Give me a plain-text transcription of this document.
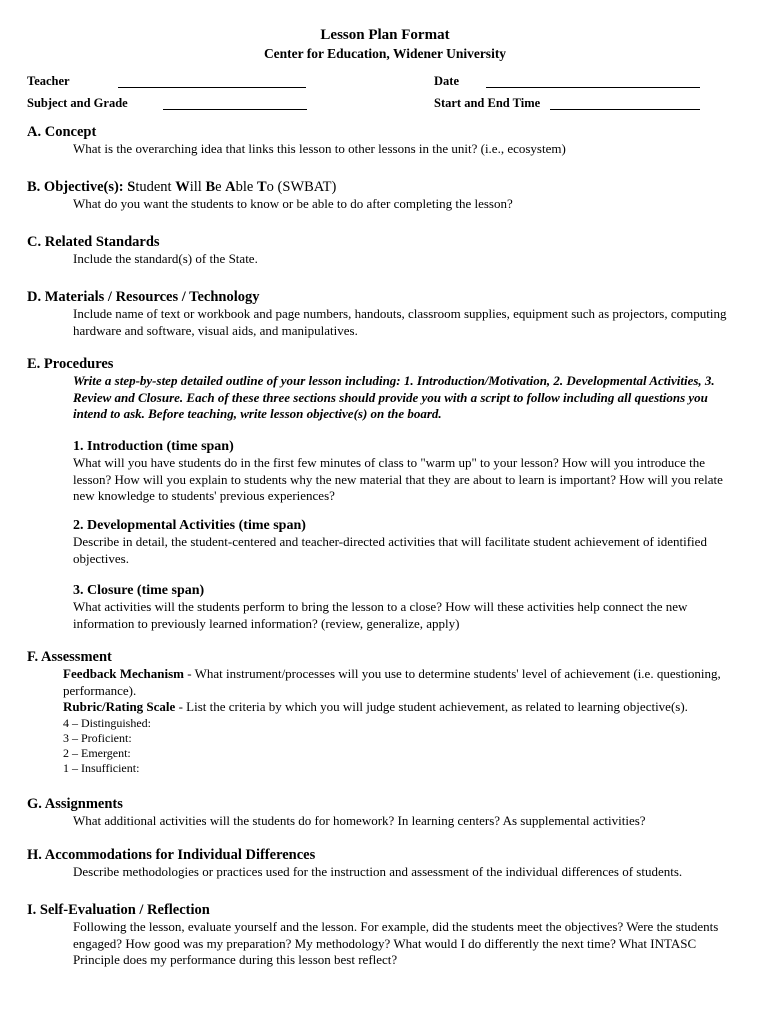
Lesson Plan Format
Center for Education, Widener University
Teacher	Date
Subject and Grade	Start and End Time
A. Concept
What is the overarching idea that links this lesson to other lessons in the unit? (i.e., ecosystem)
B. Objective(s): Student Will Be Able To (SWBAT)
What do you want the students to know or be able to do after completing the lesson?
C. Related Standards
Include the standard(s) of the State.
D. Materials / Resources / Technology
Include name of text or workbook and page numbers, handouts, classroom supplies, equipment such as projectors, computing hardware and software, visual aids, and manipulatives.
E. Procedures
Write a step-by-step detailed outline of your lesson including: 1. Introduction/Motivation, 2. Developmental Activities, 3. Review and Closure. Each of these three sections should provide you with a script to follow including all questions you intend to ask. Before teaching, write lesson objective(s) on the board.
1. Introduction (time span)
What will you have students do in the first few minutes of class to "warm up" to your lesson? How will you introduce the lesson? How will you explain to students why the new material that they are about to learn is important? How will you relate new knowledge to students' previous experiences?
2. Developmental Activities (time span)
Describe in detail, the student-centered and teacher-directed activities that will facilitate student achievement of identified objectives.
3. Closure (time span)
What activities will the students perform to bring the lesson to a close? How will these activities help connect the new information to previously learned information? (review, generalize, apply)
F. Assessment
Feedback Mechanism - What instrument/processes will you use to determine students' level of achievement (i.e. questioning, performance).
Rubric/Rating Scale - List the criteria by which you will judge student achievement, as related to learning objective(s).
4 – Distinguished:
3 – Proficient:
2 – Emergent:
1 – Insufficient:
G. Assignments
What additional activities will the students do for homework? In learning centers? As supplemental activities?
H. Accommodations for Individual Differences
Describe methodologies or practices used for the instruction and assessment of the individual differences of students.
I. Self-Evaluation / Reflection
Following the lesson, evaluate yourself and the lesson. For example, did the students meet the objectives? Were the students engaged? How good was my preparation? My methodology? What would I do differently the next time? What INTASC Principle does my performance during this lesson best reflect?
